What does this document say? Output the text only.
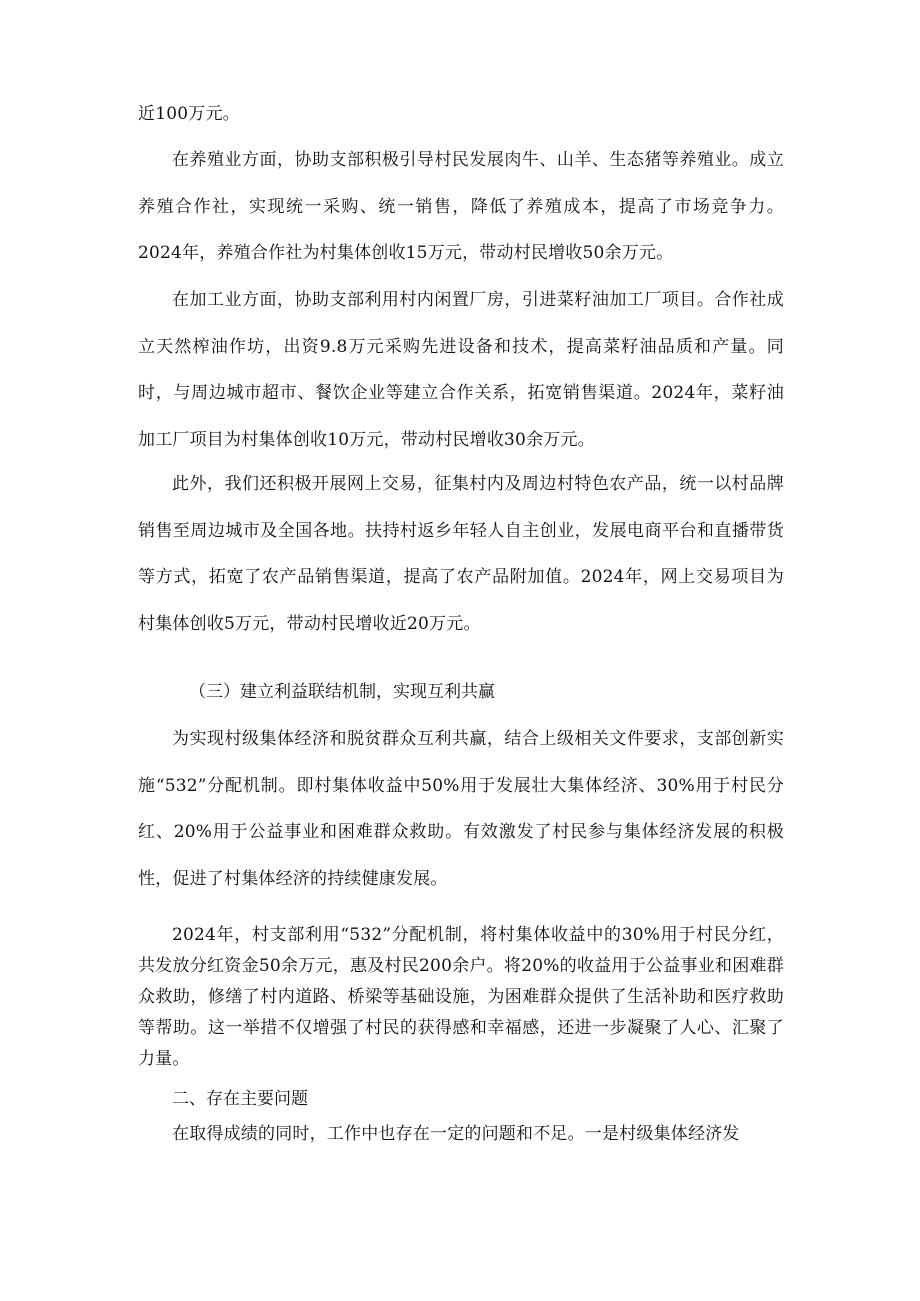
近100万元。

在养殖业方面，协助支部积极引导村民发展肉牛、山羊、生态猪等养殖业。成立养殖合作社，实现统一采购、统一销售，降低了养殖成本，提高了市场竞争力。2024年，养殖合作社为村集体创收15万元，带动村民增收50余万元。

在加工业方面，协助支部利用村内闲置厂房，引进菜籽油加工厂项目。合作社成立天然榨油作坊，出资9.8万元采购先进设备和技术，提高菜籽油品质和产量。同时，与周边城市超市、餐饮企业等建立合作关系，拓宽销售渠道。2024年，菜籽油加工厂项目为村集体创收10万元，带动村民增收30余万元。

此外，我们还积极开展网上交易，征集村内及周边村特色农产品，统一以村品牌销售至周边城市及全国各地。扶持村返乡年轻人自主创业，发展电商平台和直播带货等方式，拓宽了农产品销售渠道，提高了农产品附加值。2024年，网上交易项目为村集体创收5万元，带动村民增收近20万元。

（三）建立利益联结机制，实现互利共赢

为实现村级集体经济和脱贫群众互利共赢，结合上级相关文件要求，支部创新实施“532”分配机制。即村集体收益中50%用于发展壮大集体经济、30%用于村民分红、20%用于公益事业和困难群众救助。有效激发了村民参与集体经济发展的积极性，促进了村集体经济的持续健康发展。

2024年，村支部利用“532”分配机制，将村集体收益中的30%用于村民分红，共发放分红资金50余万元，惠及村民200余户。将20%的收益用于公益事业和困难群众救助，修缮了村内道路、桥梁等基础设施，为困难群众提供了生活补助和医疗救助等帮助。这一举措不仅增强了村民的获得感和幸福感，还进一步凝聚了人心、汇聚了力量。

二、存在主要问题

在取得成绩的同时，工作中也存在一定的问题和不足。一是村级集体经济发
